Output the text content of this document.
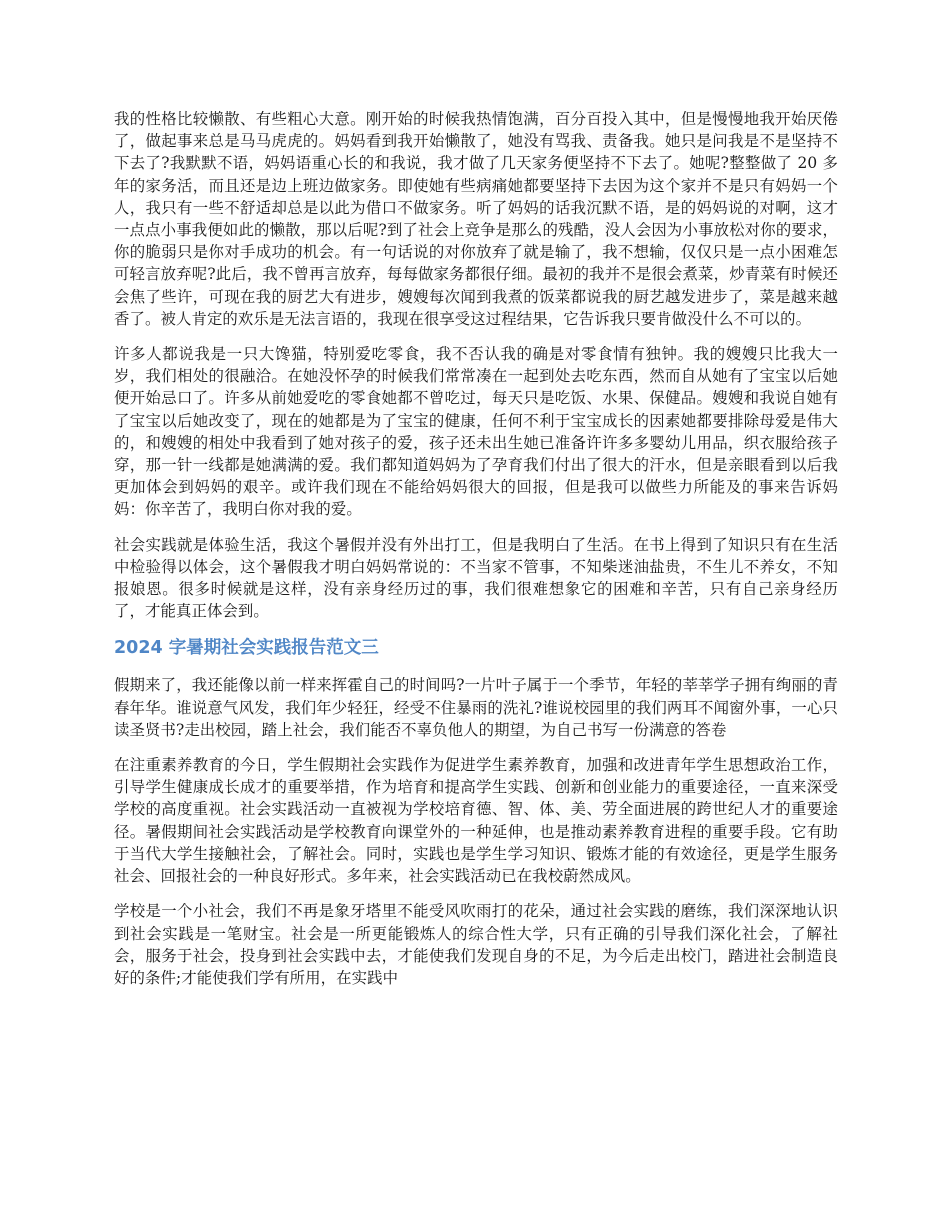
我的性格比较懒散、有些粗心大意。刚开始的时候我热情饱满，百分百投入其中，但是慢慢地我开始厌倦了，做起事来总是马马虎虎的。妈妈看到我开始懒散了，她没有骂我、责备我。她只是问我是不是坚持不下去了?我默默不语，妈妈语重心长的和我说，我才做了几天家务便坚持不下去了。她呢?整整做了 20 多年的家务活，而且还是边上班边做家务。即使她有些病痛她都要坚持下去因为这个家并不是只有妈妈一个人，我只有一些不舒适却总是以此为借口不做家务。听了妈妈的话我沉默不语，是的妈妈说的对啊，这才一点点小事我便如此的懒散，那以后呢?到了社会上竞争是那么的残酷，没人会因为小事放松对你的要求，你的脆弱只是你对手成功的机会。有一句话说的对你放弃了就是输了，我不想输，仅仅只是一点小困难怎可轻言放弃呢?此后，我不曾再言放弃，每每做家务都很仔细。最初的我并不是很会煮菜，炒青菜有时候还会焦了些许，可现在我的厨艺大有进步，嫂嫂每次闻到我煮的饭菜都说我的厨艺越发进步了，菜是越来越香了。被人肯定的欢乐是无法言语的，我现在很享受这过程结果，它告诉我只要肯做没什么不可以的。

许多人都说我是一只大馋猫，特别爱吃零食，我不否认我的确是对零食情有独钟。我的嫂嫂只比我大一岁，我们相处的很融洽。在她没怀孕的时候我们常常凑在一起到处去吃东西，然而自从她有了宝宝以后她便开始忌口了。许多从前她爱吃的零食她都不曾吃过，每天只是吃饭、水果、保健品。嫂嫂和我说自她有了宝宝以后她改变了，现在的她都是为了宝宝的健康，任何不利于宝宝成长的因素她都要排除母爱是伟大的，和嫂嫂的相处中我看到了她对孩子的爱，孩子还未出生她已准备许许多多婴幼儿用品，织衣服给孩子穿，那一针一线都是她满满的爱。我们都知道妈妈为了孕育我们付出了很大的汗水，但是亲眼看到以后我更加体会到妈妈的艰辛。或许我们现在不能给妈妈很大的回报，但是我可以做些力所能及的事来告诉妈妈：你辛苦了，我明白你对我的爱。

社会实践就是体验生活，我这个暑假并没有外出打工，但是我明白了生活。在书上得到了知识只有在生活中检验得以体会，这个暑假我才明白妈妈常说的：不当家不管事，不知柴迷油盐贵，不生儿不养女，不知报娘恩。很多时候就是这样，没有亲身经历过的事，我们很难想象它的困难和辛苦，只有自己亲身经历了，才能真正体会到。

2024 字暑期社会实践报告范文三

假期来了，我还能像以前一样来挥霍自己的时间吗?一片叶子属于一个季节，年轻的莘莘学子拥有绚丽的青春年华。谁说意气风发，我们年少轻狂，经受不住暴雨的洗礼?谁说校园里的我们两耳不闻窗外事，一心只读圣贤书?走出校园，踏上社会，我们能否不辜负他人的期望，为自己书写一份满意的答卷

在注重素养教育的今日，学生假期社会实践作为促进学生素养教育，加强和改进青年学生思想政治工作，引导学生健康成长成才的重要举措，作为培育和提高学生实践、创新和创业能力的重要途径，一直来深受学校的高度重视。社会实践活动一直被视为学校培育德、智、体、美、劳全面进展的跨世纪人才的重要途径。暑假期间社会实践活动是学校教育向课堂外的一种延伸，也是推动素养教育进程的重要手段。它有助于当代大学生接触社会，了解社会。同时，实践也是学生学习知识、锻炼才能的有效途径，更是学生服务社会、回报社会的一种良好形式。多年来，社会实践活动已在我校蔚然成风。

学校是一个小社会，我们不再是象牙塔里不能受风吹雨打的花朵，通过社会实践的磨练，我们深深地认识到社会实践是一笔财宝。社会是一所更能锻炼人的综合性大学，只有正确的引导我们深化社会，了解社会，服务于社会，投身到社会实践中去，才能使我们发现自身的不足，为今后走出校门，踏进社会制造良好的条件;才能使我们学有所用，在实践中
